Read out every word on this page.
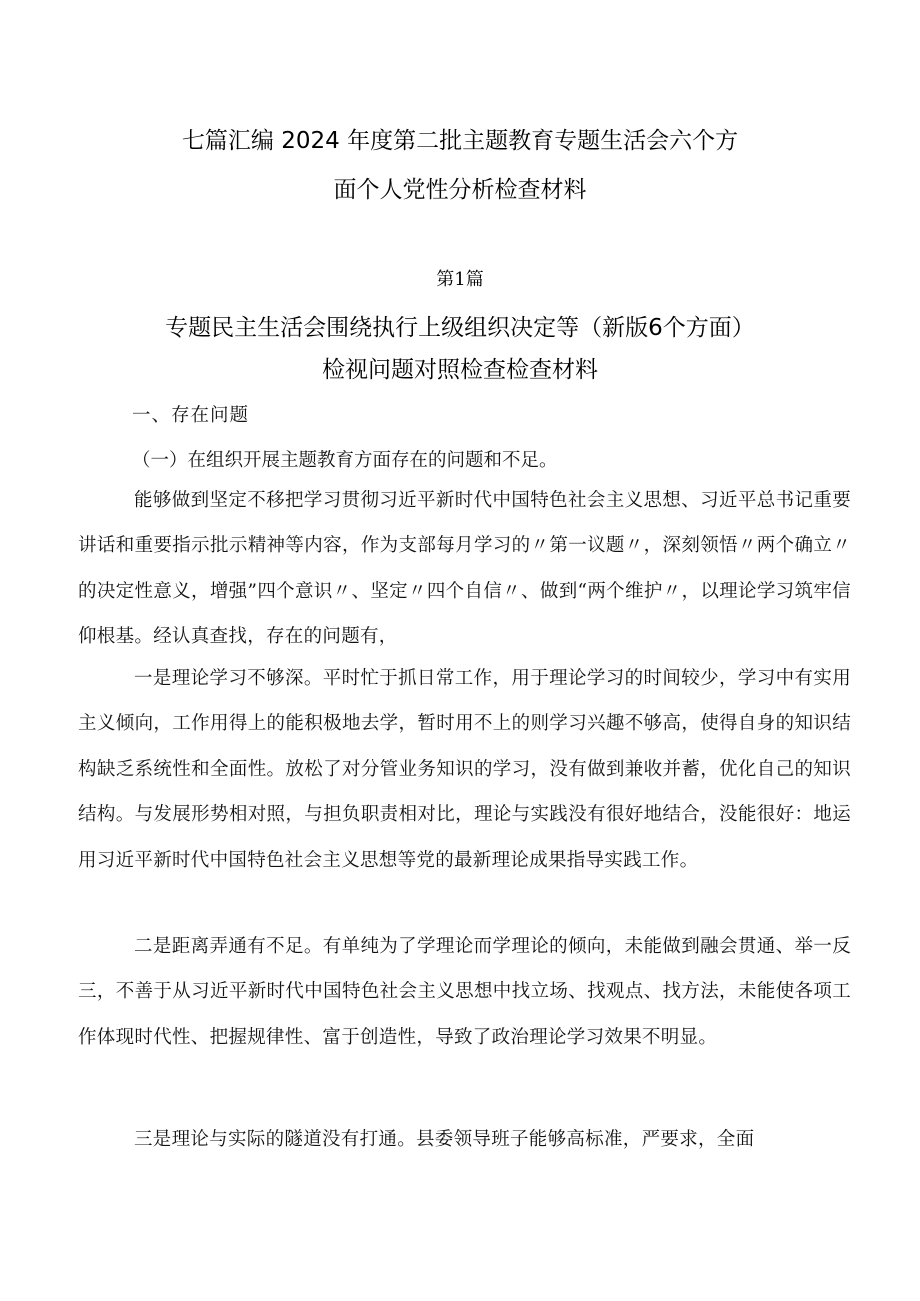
七篇汇编 2024 年度第二批主题教育专题生活会六个方
面个人党性分析检查材料
第1篇
专题民主生活会围绕执行上级组织决定等（新版6个方面）
检视问题对照检查检查材料
一、存在问题
（一）在组织开展主题教育方面存在的问题和不足。
能够做到坚定不移把学习贯彻习近平新时代中国特色社会主义思想、习近平总书记重要讲话和重要指示批示精神等内容，作为支部每月学习的〃第一议题〃，深刻领悟〃两个确立〃的决定性意义，增强”四个意识〃、坚定〃四个自信〃、做到“两个维护〃，以理论学习筑牢信仰根基。经认真查找，存在的问题有，
一是理论学习不够深。平时忙于抓日常工作，用于理论学习的时间较少，学习中有实用主义倾向，工作用得上的能积极地去学，暂时用不上的则学习兴趣不够高，使得自身的知识结构缺乏系统性和全面性。放松了对分管业务知识的学习，没有做到兼收并蓄，优化自己的知识结构。与发展形势相对照，与担负职责相对比，理论与实践没有很好地结合，没能很好：地运用习近平新时代中国特色社会主义思想等党的最新理论成果指导实践工作。
二是距离弄通有不足。有单纯为了学理论而学理论的倾向，未能做到融会贯通、举一反三，不善于从习近平新时代中国特色社会主义思想中找立场、找观点、找方法，未能使各项工作体现时代性、把握规律性、富于创造性，导致了政治理论学习效果不明显。
三是理论与实际的隧道没有打通。县委领导班子能够高标准，严要求，全面
